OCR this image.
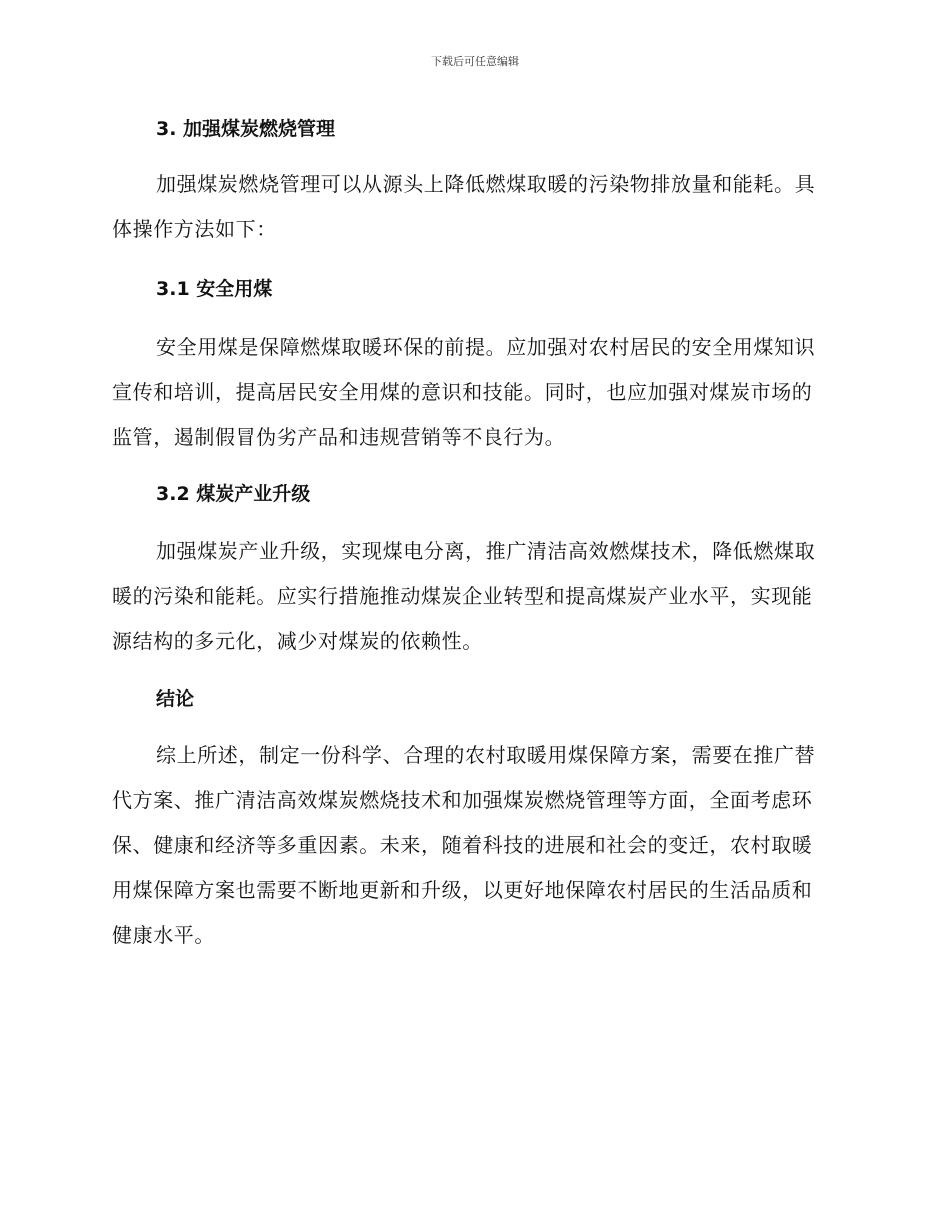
下载后可任意编辑
3. 加强煤炭燃烧管理
加强煤炭燃烧管理可以从源头上降低燃煤取暖的污染物排放量和能耗。具体操作方法如下：
3.1 安全用煤
安全用煤是保障燃煤取暖环保的前提。应加强对农村居民的安全用煤知识宣传和培训，提高居民安全用煤的意识和技能。同时，也应加强对煤炭市场的监管，遏制假冒伪劣产品和违规营销等不良行为。
3.2 煤炭产业升级
加强煤炭产业升级，实现煤电分离，推广清洁高效燃煤技术，降低燃煤取暖的污染和能耗。应实行措施推动煤炭企业转型和提高煤炭产业水平，实现能源结构的多元化，减少对煤炭的依赖性。
结论
综上所述，制定一份科学、合理的农村取暖用煤保障方案，需要在推广替代方案、推广清洁高效煤炭燃烧技术和加强煤炭燃烧管理等方面，全面考虑环保、健康和经济等多重因素。未来，随着科技的进展和社会的变迁，农村取暖用煤保障方案也需要不断地更新和升级，以更好地保障农村居民的生活品质和健康水平。
